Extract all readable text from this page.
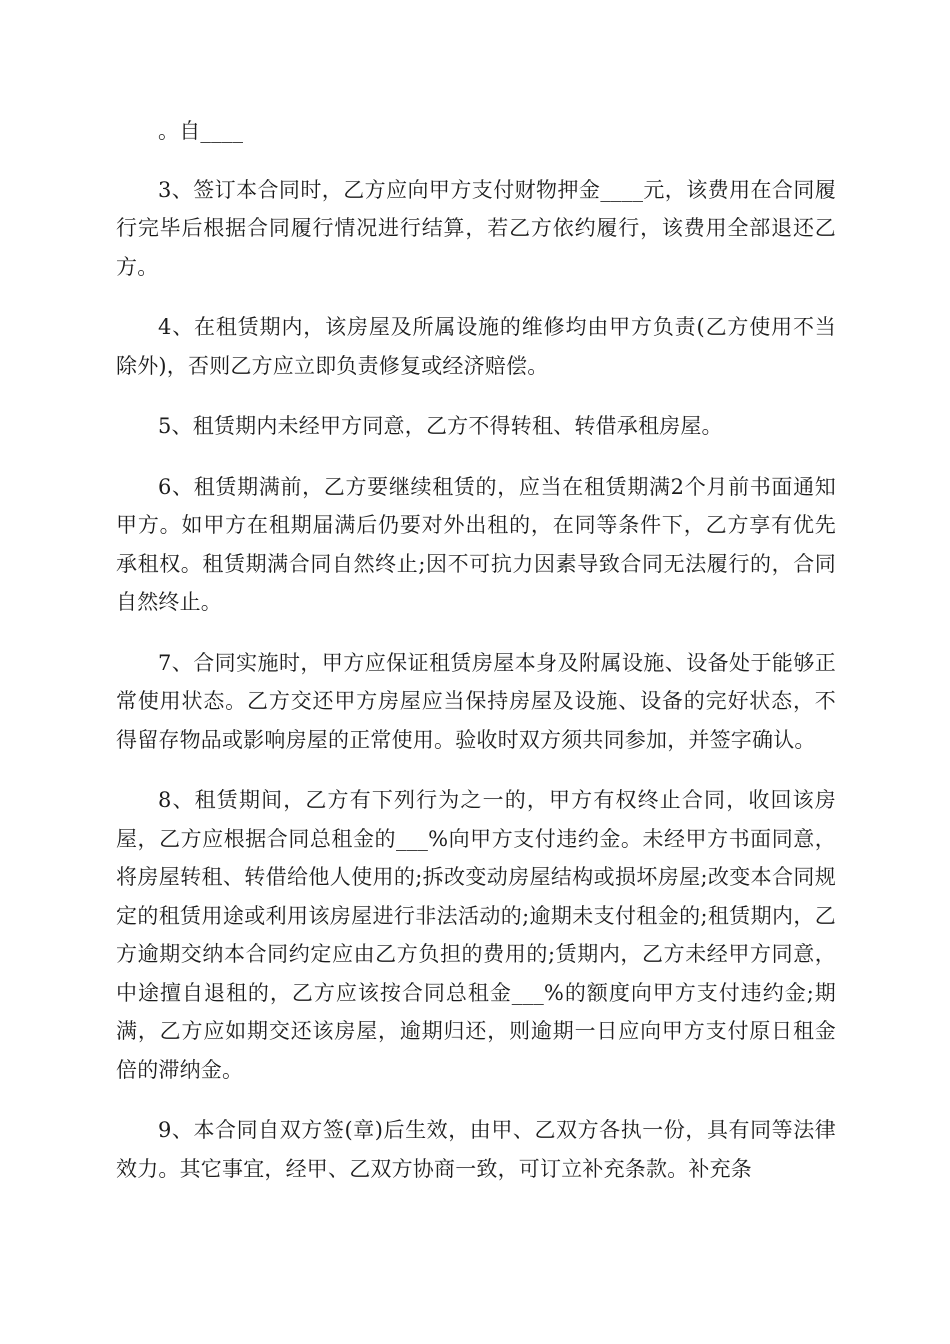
。自____

3、签订本合同时，乙方应向甲方支付财物押金____元，该费用在合同履行完毕后根据合同履行情况进行结算，若乙方依约履行，该费用全部退还乙方。

4、在租赁期内，该房屋及所属设施的维修均由甲方负责(乙方使用不当除外)，否则乙方应立即负责修复或经济赔偿。

5、租赁期内未经甲方同意，乙方不得转租、转借承租房屋。

6、租赁期满前，乙方要继续租赁的，应当在租赁期满2个月前书面通知甲方。如甲方在租期届满后仍要对外出租的，在同等条件下，乙方享有优先承租权。租赁期满合同自然终止;因不可抗力因素导致合同无法履行的，合同自然终止。

7、合同实施时，甲方应保证租赁房屋本身及附属设施、设备处于能够正常使用状态。乙方交还甲方房屋应当保持房屋及设施、设备的完好状态，不得留存物品或影响房屋的正常使用。验收时双方须共同参加，并签字确认。

8、租赁期间，乙方有下列行为之一的，甲方有权终止合同，收回该房屋，乙方应根据合同总租金的___%向甲方支付违约金。未经甲方书面同意，将房屋转租、转借给他人使用的;拆改变动房屋结构或损坏房屋;改变本合同规定的租赁用途或利用该房屋进行非法活动的;逾期未支付租金的;租赁期内，乙方逾期交纳本合同约定应由乙方负担的费用的;赁期内，乙方未经甲方同意，中途擅自退租的，乙方应该按合同总租金___%的额度向甲方支付违约金;期满，乙方应如期交还该房屋，逾期归还，则逾期一日应向甲方支付原日租金倍的滞纳金。

9、本合同自双方签(章)后生效，由甲、乙双方各执一份，具有同等法律效力。其它事宜，经甲、乙双方协商一致，可订立补充条款。补充条
